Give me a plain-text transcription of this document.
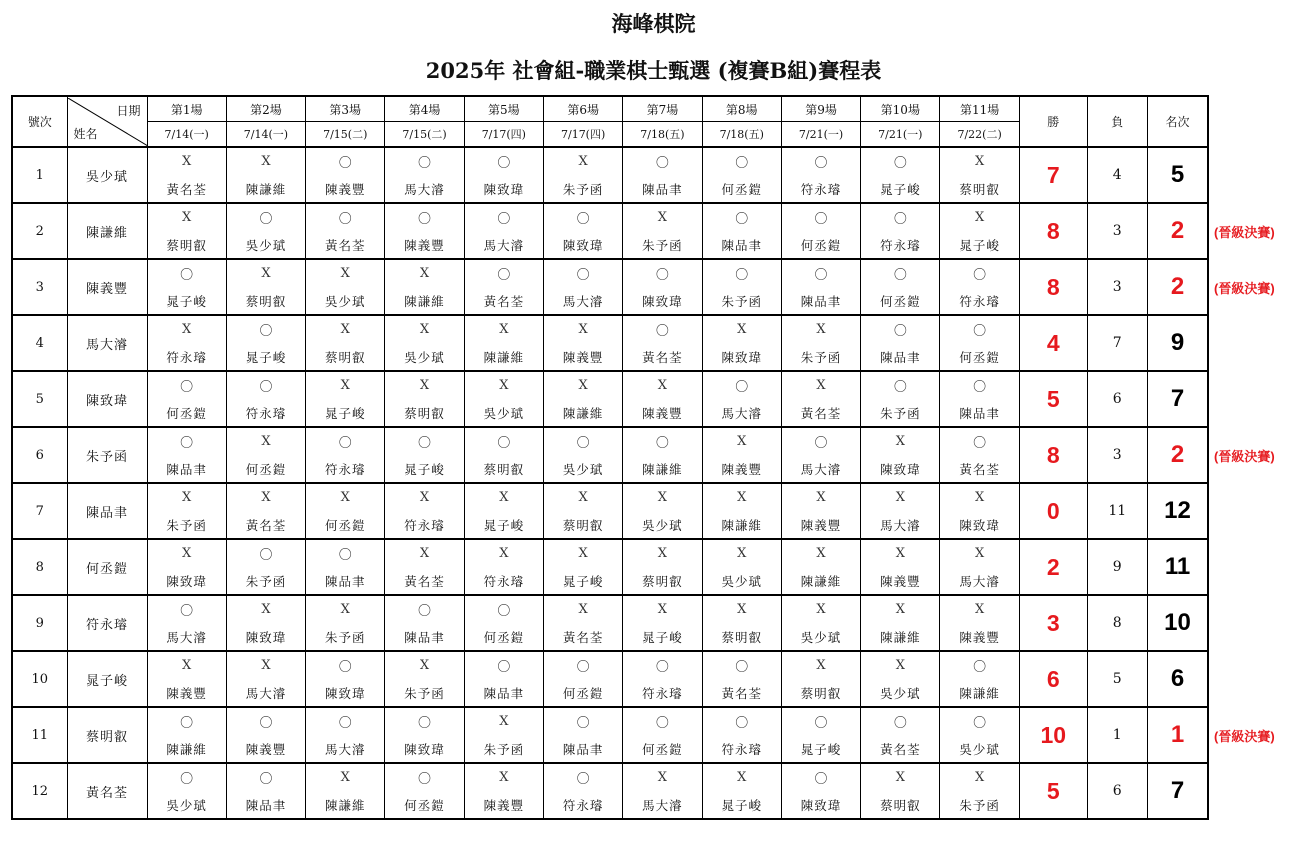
海峰棋院
2025年 社會組-職業棋士甄選 (複賽B組)賽程表
號次	日期
姓名	第1場	第2場	第3場	第4場	第5場	第6場	第7場	第8場	第9場	第10場	第11場	勝	負	名次
		7/14(一)	7/14(一)	7/15(二)	7/15(二)	7/17(四)	7/17(四)	7/18(五)	7/18(五)	7/21(一)	7/21(一)	7/22(二)			
1	吳少珷	X	X	〇	〇	〇	X	〇	〇	〇	〇	X	7	4	5
		黃名荃	陳謙維	陳義豐	馬大濬	陳致瑋	朱予函	陳品聿	何丞鎧	符永璿	晁子峻	蔡明叡			
2	陳謙維	X	〇	〇	〇	〇	〇	X	〇	〇	〇	X	8	3	2
		蔡明叡	吳少珷	黃名荃	陳義豐	馬大濬	陳致瑋	朱予函	陳品聿	何丞鎧	符永璿	晁子峻			
3	陳義豐	〇	X	X	X	〇	〇	〇	〇	〇	〇	〇	8	3	2
		晁子峻	蔡明叡	吳少珷	陳謙維	黃名荃	馬大濬	陳致瑋	朱予函	陳品聿	何丞鎧	符永璿			
4	馬大濬	X	〇	X	X	X	X	〇	X	X	〇	〇	4	7	9
		符永璿	晁子峻	蔡明叡	吳少珷	陳謙維	陳義豐	黃名荃	陳致瑋	朱予函	陳品聿	何丞鎧			
5	陳致瑋	〇	〇	X	X	X	X	X	〇	X	〇	〇	5	6	7
		何丞鎧	符永璿	晁子峻	蔡明叡	吳少珷	陳謙維	陳義豐	馬大濬	黃名荃	朱予函	陳品聿			
6	朱予函	〇	X	〇	〇	〇	〇	〇	X	〇	X	〇	8	3	2
		陳品聿	何丞鎧	符永璿	晁子峻	蔡明叡	吳少珷	陳謙維	陳義豐	馬大濬	陳致瑋	黃名荃			
7	陳品聿	X	X	X	X	X	X	X	X	X	X	X	0	11	12
		朱予函	黃名荃	何丞鎧	符永璿	晁子峻	蔡明叡	吳少珷	陳謙維	陳義豐	馬大濬	陳致瑋			
8	何丞鎧	X	〇	〇	X	X	X	X	X	X	X	X	2	9	11
		陳致瑋	朱予函	陳品聿	黃名荃	符永璿	晁子峻	蔡明叡	吳少珷	陳謙維	陳義豐	馬大濬			
9	符永璿	〇	X	X	〇	〇	X	X	X	X	X	X	3	8	10
		馬大濬	陳致瑋	朱予函	陳品聿	何丞鎧	黃名荃	晁子峻	蔡明叡	吳少珷	陳謙維	陳義豐			
10	晁子峻	X	X	〇	X	〇	〇	〇	〇	X	X	〇	6	5	6
		陳義豐	馬大濬	陳致瑋	朱予函	陳品聿	何丞鎧	符永璿	黃名荃	蔡明叡	吳少珷	陳謙維			
11	蔡明叡	〇	〇	〇	〇	X	〇	〇	〇	〇	〇	〇	10	1	1
		陳謙維	陳義豐	馬大濬	陳致瑋	朱予函	陳品聿	何丞鎧	符永璿	晁子峻	黃名荃	吳少珷			
12	黃名荃	〇	〇	X	〇	X	〇	X	X	〇	X	X	5	6	7
		吳少珷	陳品聿	陳謙維	何丞鎧	陳義豐	符永璿	馬大濬	晁子峻	陳致瑋	蔡明叡	朱予函			
(晉級決賽)
(晉級決賽)
(晉級決賽)
(晉級決賽)
